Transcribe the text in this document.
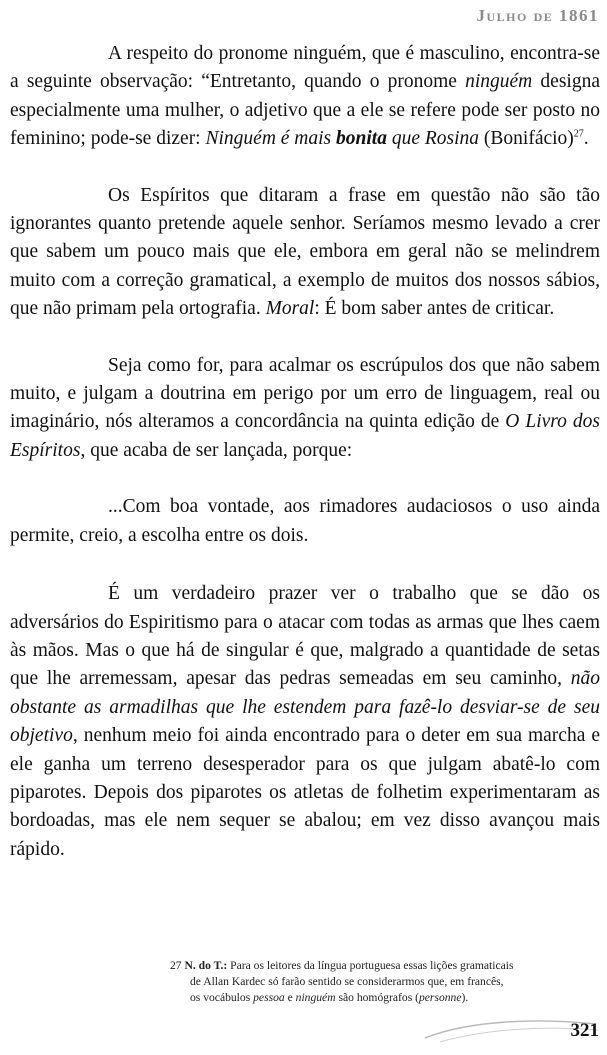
Julho de 1861

A respeito do pronome ninguém, que é masculino, encontra-se a seguinte observação: “Entretanto, quando o pronome ninguém designa especialmente uma mulher, o adjetivo que a ele se refere pode ser posto no feminino; pode-se dizer: Ninguém é mais bonita que Rosina (Bonifácio)$^{27}$.

Os Espíritos que ditaram a frase em questão não são tão ignorantes quanto pretende aquele senhor. Seríamos mesmo levado a crer que sabem um pouco mais que ele, embora em geral não se melindrem muito com a correção gramatical, a exemplo de muitos dos nossos sábios, que não primam pela ortografia. Moral: É bom saber antes de criticar.

Seja como for, para acalmar os escrúpulos dos que não sabem muito, e julgam a doutrina em perigo por um erro de linguagem, real ou imaginário, nós alteramos a concordância na quinta edição de O Livro dos Espíritos, que acaba de ser lançada, porque:

...Com boa vontade, aos rimadores audaciosos o uso ainda permite, creio, a escolha entre os dois.

É um verdadeiro prazer ver o trabalho que se dão os adversários do Espiritismo para o atacar com todas as armas que lhes caem às mãos. Mas o que há de singular é que, malgrado a quantidade de setas que lhe arremessam, apesar das pedras semeadas em seu caminho, não obstante as armadilhas que lhe estendem para fazê-lo desviar-se de seu objetivo, nenhum meio foi ainda encontrado para o deter em sua marcha e ele ganha um terreno desesperador para os que julgam abatê-lo com piparotes. Depois dos piparotes os atletas de folhetim experimentaram as bordoadas, mas ele nem sequer se abalou; em vez disso avançou mais rápido.

27 N. do T.: Para os leitores da língua portuguesa essas lições gramaticais
de Allan Kardec só farão sentido se considerarmos que, em francês,
os vocábulos pessoa e ninguém são homógrafos (personne).
321
